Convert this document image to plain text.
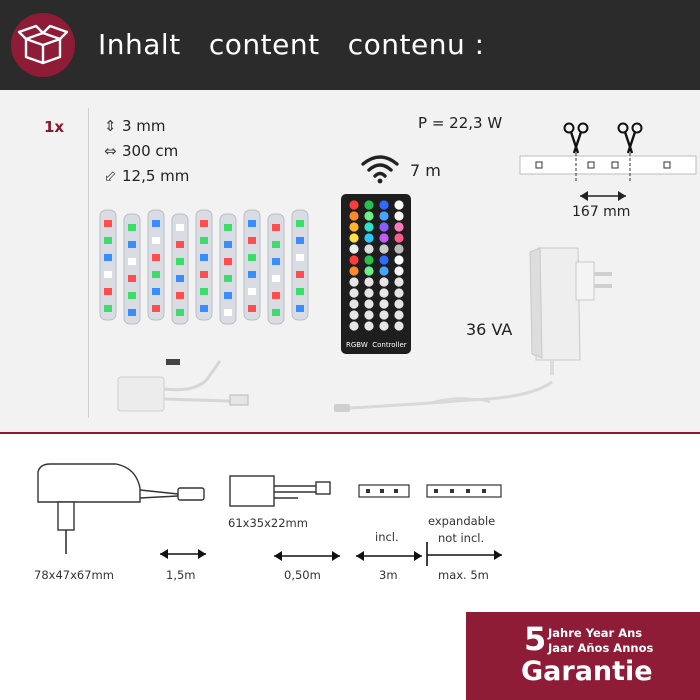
Inhalt   content   contenu :
1x	⇕ 3 mm
⇔ 300 cm
⬃ 12,5 mm
P = 22,3 W
7 m
167 mm
RGBW  Controller
36 VA
78x47x67mm	1,5m
61x35x22mm
0,50m
incl.
3m
expandable
not incl.
max. 5m
5 Jahre Year Ans
Jaar Años Annos
Garantie
